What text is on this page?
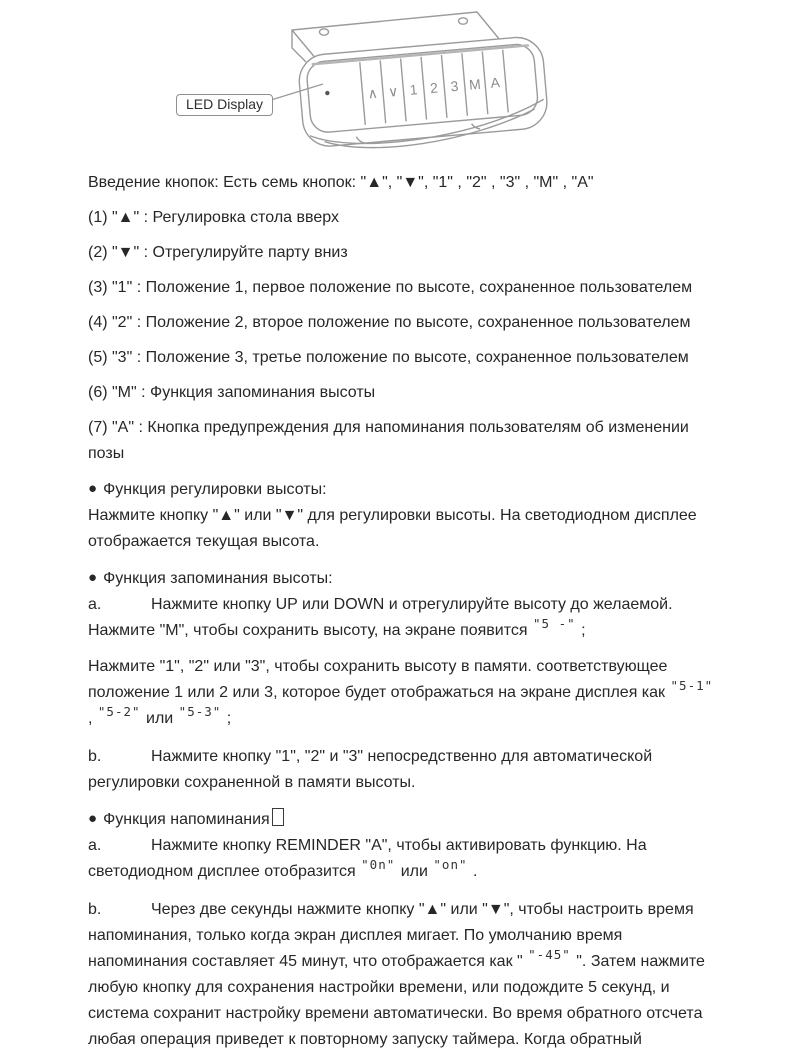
∧ ∨ 1 2 3 M A
LED Display

Введение кнопок: Есть семь кнопок: "▲", "▼", "1" , "2" , "3" , "M" , "A"

(1) "▲" : Регулировка стола вверх

(2) "▼" : Отрегулируйте парту вниз

(3) "1" : Положение 1, первое положение по высоте, сохраненное пользователем

(4) "2" : Положение 2, второе положение по высоте, сохраненное пользователем

(5) "3" : Положение 3, третье положение по высоте, сохраненное пользователем

(6) "M" : Функция запоминания высоты

(7) "A" : Кнопка предупреждения для напоминания пользователям об изменении позы

● Функция регулировки высоты:

Нажмите кнопку "▲" или "▼" для регулировки высоты. На светодиодном дисплее отображается текущая высота.

● Функция запоминания высоты:

a.	Нажмите кнопку UP или DOWN и отрегулируйте высоту до желаемой. Нажмите "M", чтобы сохранить высоту, на экране появится $^{"5 -"}$ ;

Нажмите "1", "2" или "3", чтобы сохранить высоту в памяти. соответствующее положение 1 или 2 или 3, которое будет отображаться на экране дисплея как $^{"5-1"}$ , $^{"5-2"}$ или $^{"5-3"}$ ;

b.	Нажмите кнопку "1", "2" и "3" непосредственно для автоматической регулировки сохраненной в памяти высоты.

● Функция напоминания

a.	Нажмите кнопку REMINDER "A", чтобы активировать функцию. На светодиодном дисплее отобразится $^{"0n"}$ или $^{"on"}$ .

b.	Через две секунды нажмите кнопку "▲" или "▼", чтобы настроить время напоминания, только когда экран дисплея мигает. По умолчанию время напоминания составляет 45 минут, что отображается как " $^{"-45"}$ ". Затем нажмите любую кнопку для сохранения настройки времени, или подождите 5 секунд, и система сохранит настройку времени автоматически. Во время обратного отсчета любая операция приведет к повторному запуску таймера. Когда обратный
